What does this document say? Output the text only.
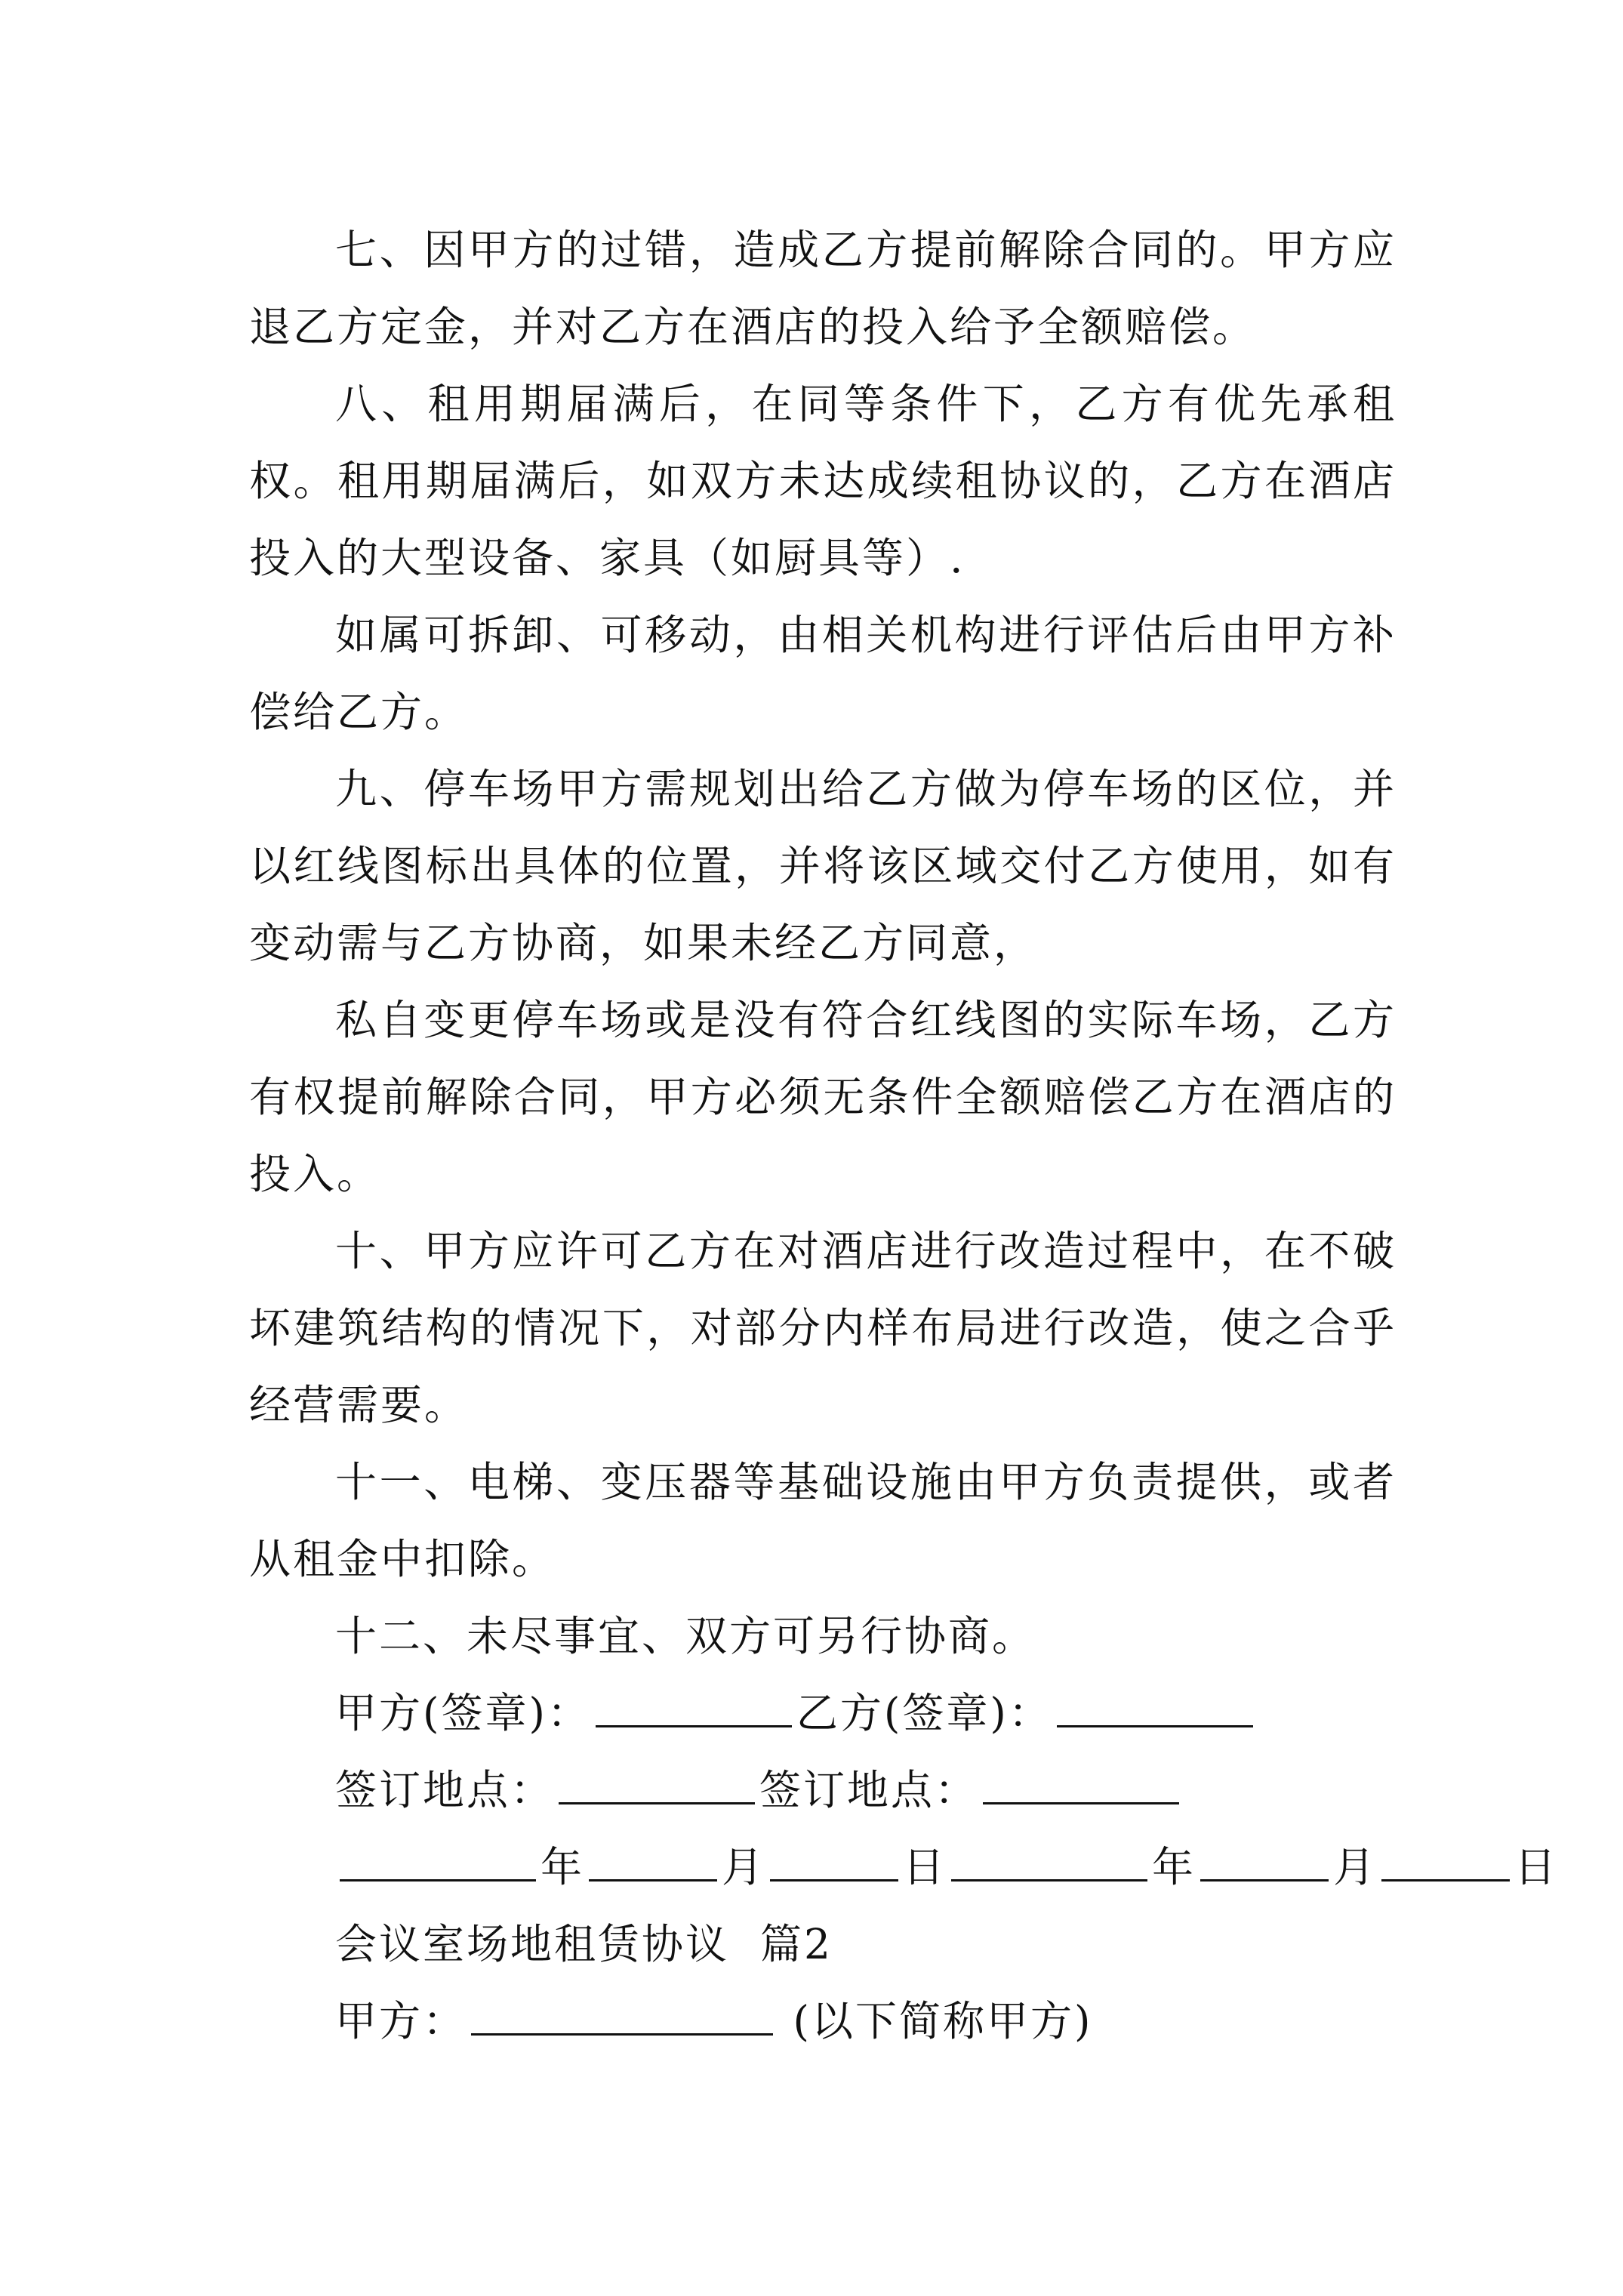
七、因甲方的过错，造成乙方提前解除合同的。甲方应退乙方定金，并对乙方在酒店的投入给予全额赔偿。

八、租用期届满后，在同等条件下，乙方有优先承租权。租用期届满后，如双方未达成续租协议的，乙方在酒店投入的大型设备、家具（如厨具等）.

如属可拆卸、可移动，由相关机构进行评估后由甲方补偿给乙方。

九、停车场甲方需规划出给乙方做为停车场的区位，并以红线图标出具体的位置，并将该区域交付乙方使用，如有变动需与乙方协商，如果未经乙方同意，

私自变更停车场或是没有符合红线图的实际车场，乙方有权提前解除合同，甲方必须无条件全额赔偿乙方在酒店的投入。

十、甲方应许可乙方在对酒店进行改造过程中，在不破坏建筑结构的情况下，对部分内样布局进行改造，使之合乎经营需要。

十一、电梯、变压器等基础设施由甲方负责提供，或者从租金中扣除。

十二、未尽事宜、双方可另行协商。

甲方(签章)：	乙方(签章)：
签订地点：	签订地点：
年	月	日	年	月	日
会议室场地租赁协议  篇2
甲方：	(以下简称甲方)
